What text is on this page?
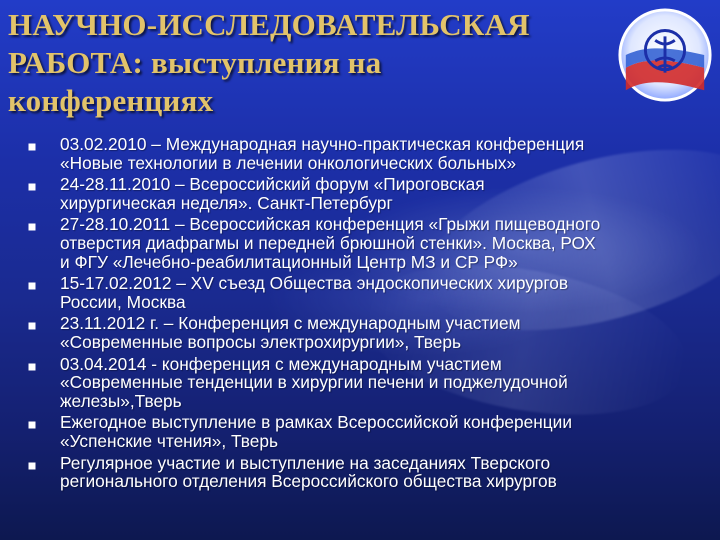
НАУЧНО-ИССЛЕДОВАТЕЛЬСКАЯ
РАБОТА: выступления на
конференциях
03.02.2010 – Международная научно-практическая конференция
«Новые технологии в лечении онкологических больных»
24-28.11.2010 – Всероссийский форум «Пироговская
хирургическая неделя». Санкт-Петербург
27-28.10.2011 – Всероссийская конференция «Грыжи пищеводного
отверстия диафрагмы и передней брюшной стенки». Москва, РОХ
и ФГУ «Лечебно-реабилитационный Центр МЗ и СР РФ»
15-17.02.2012 – XV съезд Общества эндоскопических хирургов
России, Москва
23.11.2012 г. – Конференция с международным участием
«Современные вопросы электрохирургии», Тверь
03.04.2014 - конференция с международным участием
«Современные тенденции в хирургии печени и поджелудочной
железы»,Тверь
Ежегодное выступление в рамках Всероссийской конференции
«Успенские чтения», Тверь
Регулярное участие и выступление на заседаниях Тверского
регионального отделения Всероссийского общества хирургов
